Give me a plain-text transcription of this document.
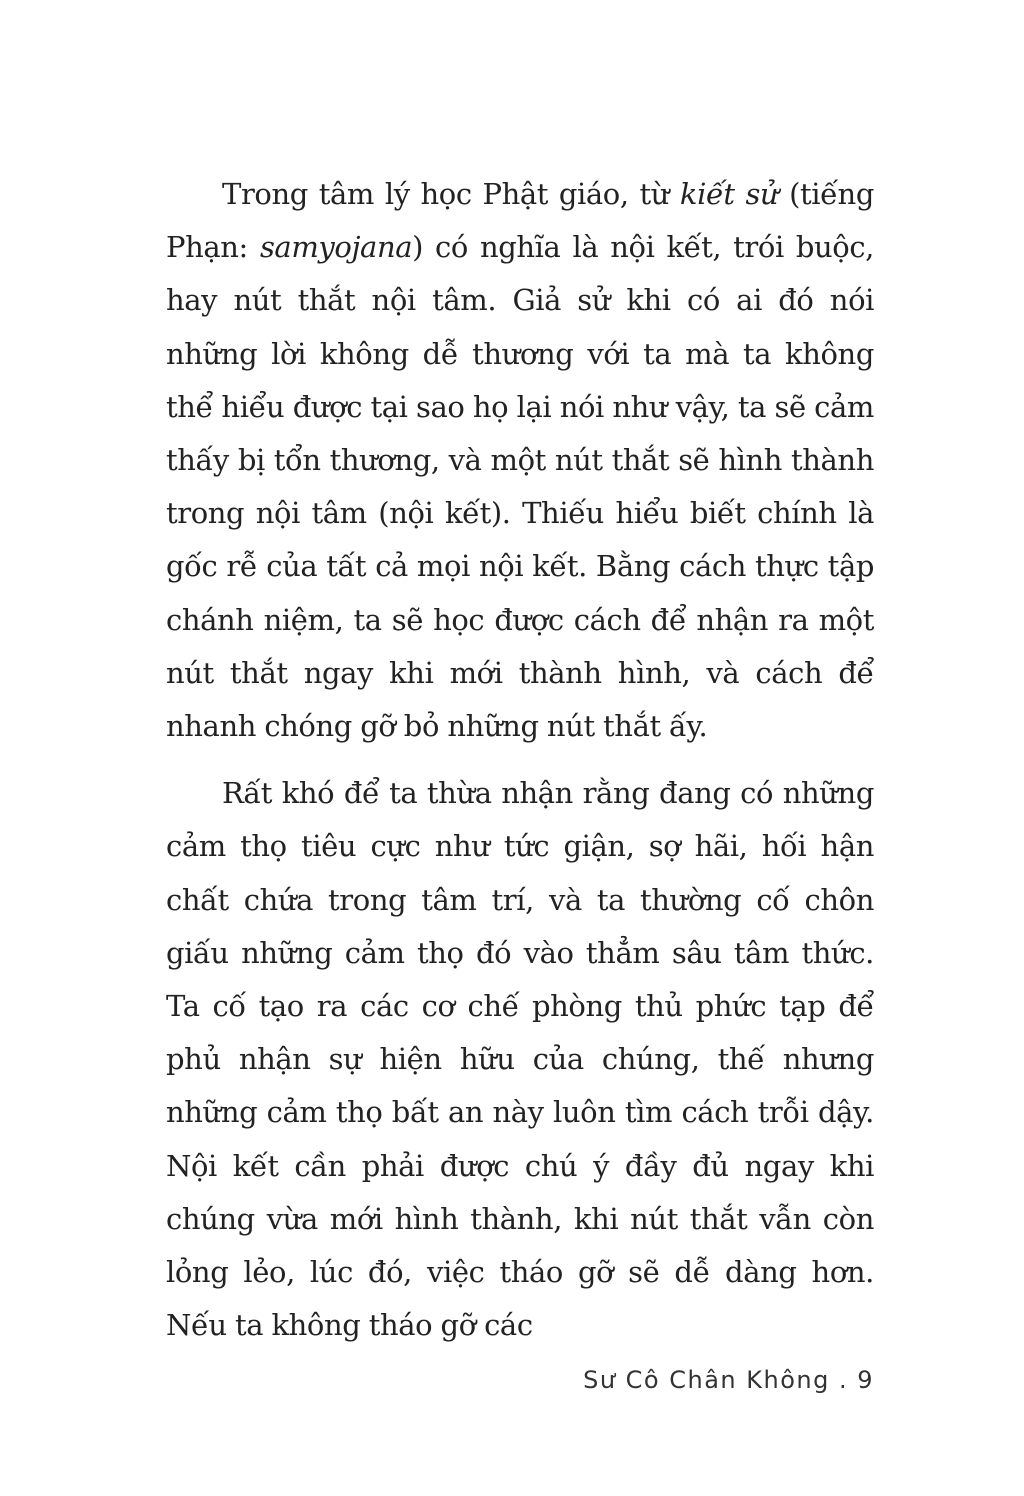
Trong tâm lý học Phật giáo, từ kiết sử (tiếng Phạn: samyojana) có nghĩa là nội kết, trói buộc, hay nút thắt nội tâm. Giả sử khi có ai đó nói những lời không dễ thương với ta mà ta không thể hiểu được tại sao họ lại nói như vậy, ta sẽ cảm thấy bị tổn thương, và một nút thắt sẽ hình thành trong nội tâm (nội kết). Thiếu hiểu biết chính là gốc rễ của tất cả mọi nội kết. Bằng cách thực tập chánh niệm, ta sẽ học được cách để nhận ra một nút thắt ngay khi mới thành hình, và cách để nhanh chóng gỡ bỏ những nút thắt ấy.

Rất khó để ta thừa nhận rằng đang có những cảm thọ tiêu cực như tức giận, sợ hãi, hối hận chất chứa trong tâm trí, và ta thường cố chôn giấu những cảm thọ đó vào thẳm sâu tâm thức. Ta cố tạo ra các cơ chế phòng thủ phức tạp để phủ nhận sự hiện hữu của chúng, thế nhưng những cảm thọ bất an này luôn tìm cách trỗi dậy. Nội kết cần phải được chú ý đầy đủ ngay khi chúng vừa mới hình thành, khi nút thắt vẫn còn lỏng lẻo, lúc đó, việc tháo gỡ sẽ dễ dàng hơn. Nếu ta không tháo gỡ các

Sư Cô Chân Không . 9
